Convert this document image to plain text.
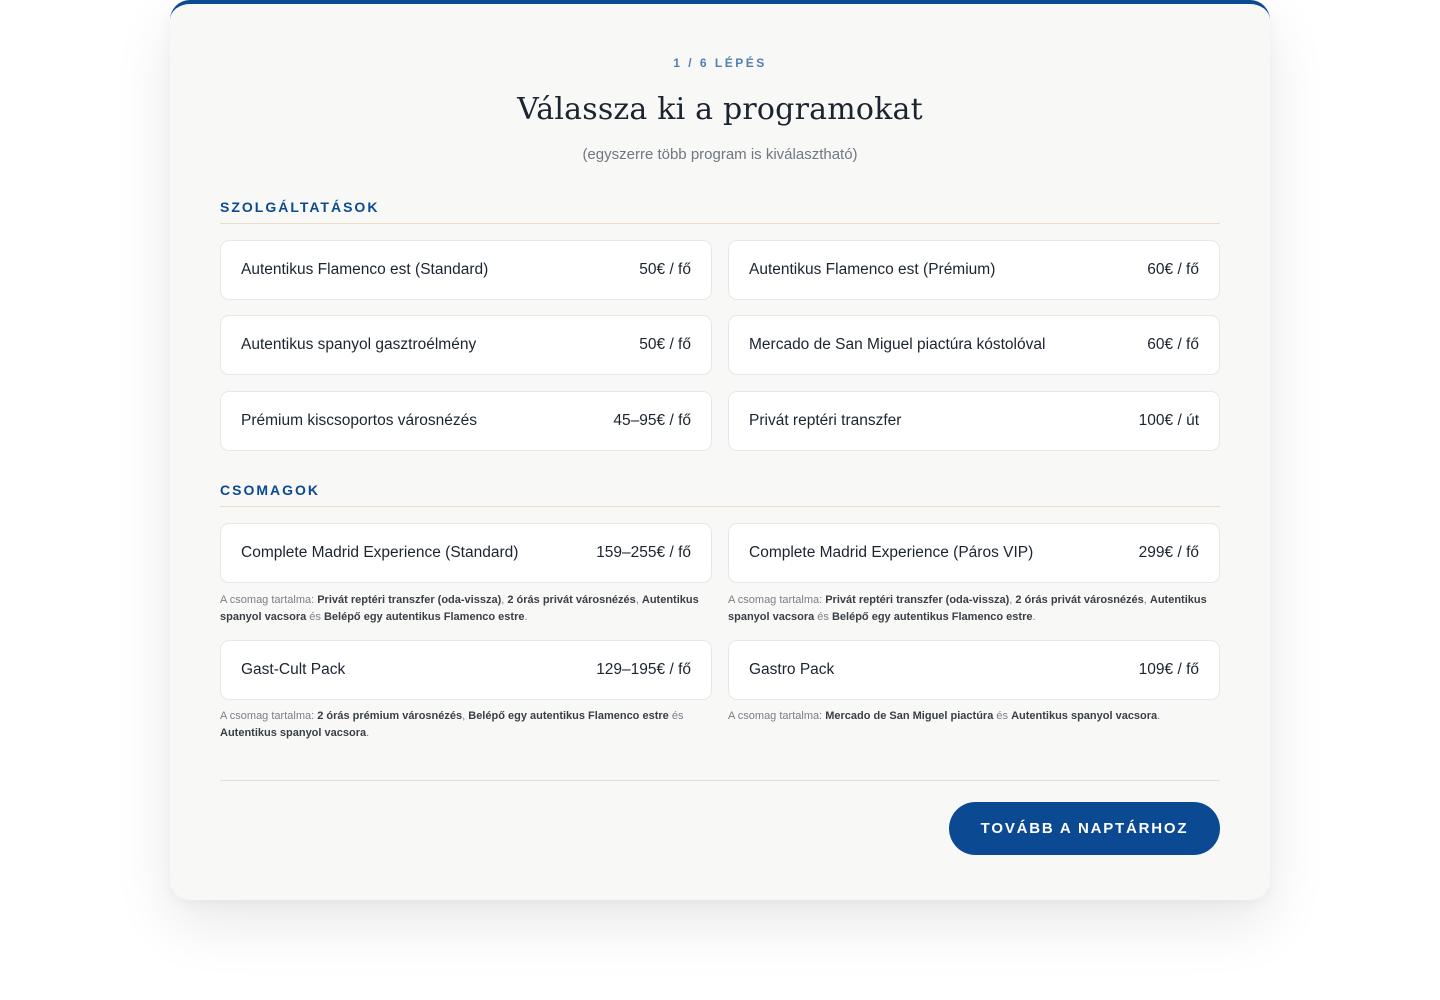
1 / 6 LÉPÉS
Válassza ki a programokat
(egyszerre több program is kiválasztható)
SZOLGÁLTATÁSOK
Autentikus Flamenco est (Standard)	50€ / fő	Autentikus Flamenco est (Prémium)	60€ / fő
Autentikus spanyol gasztroélmény	50€ / fő	Mercado de San Miguel piactúra kóstolóval	60€ / fő
Prémium kiscsoportos városnézés	45–95€ / fő	Privát reptéri transzfer	100€ / út
CSOMAGOK
Complete Madrid Experience (Standard)	159–255€ / fő
A csomag tartalma: Privát reptéri transzfer (oda-vissza), 2 órás privát városnézés, Autentikus spanyol vacsora és Belépő egy autentikus Flamenco estre.
Complete Madrid Experience (Páros VIP)	299€ / fő
A csomag tartalma: Privát reptéri transzfer (oda-vissza), 2 órás privát városnézés, Autentikus spanyol vacsora és Belépő egy autentikus Flamenco estre.
Gast-Cult Pack	129–195€ / fő
A csomag tartalma: 2 órás prémium városnézés, Belépő egy autentikus Flamenco estre és Autentikus spanyol vacsora.
Gastro Pack	109€ / fő
A csomag tartalma: Mercado de San Miguel piactúra és Autentikus spanyol vacsora.
TOVÁBB A NAPTÁRHOZ
